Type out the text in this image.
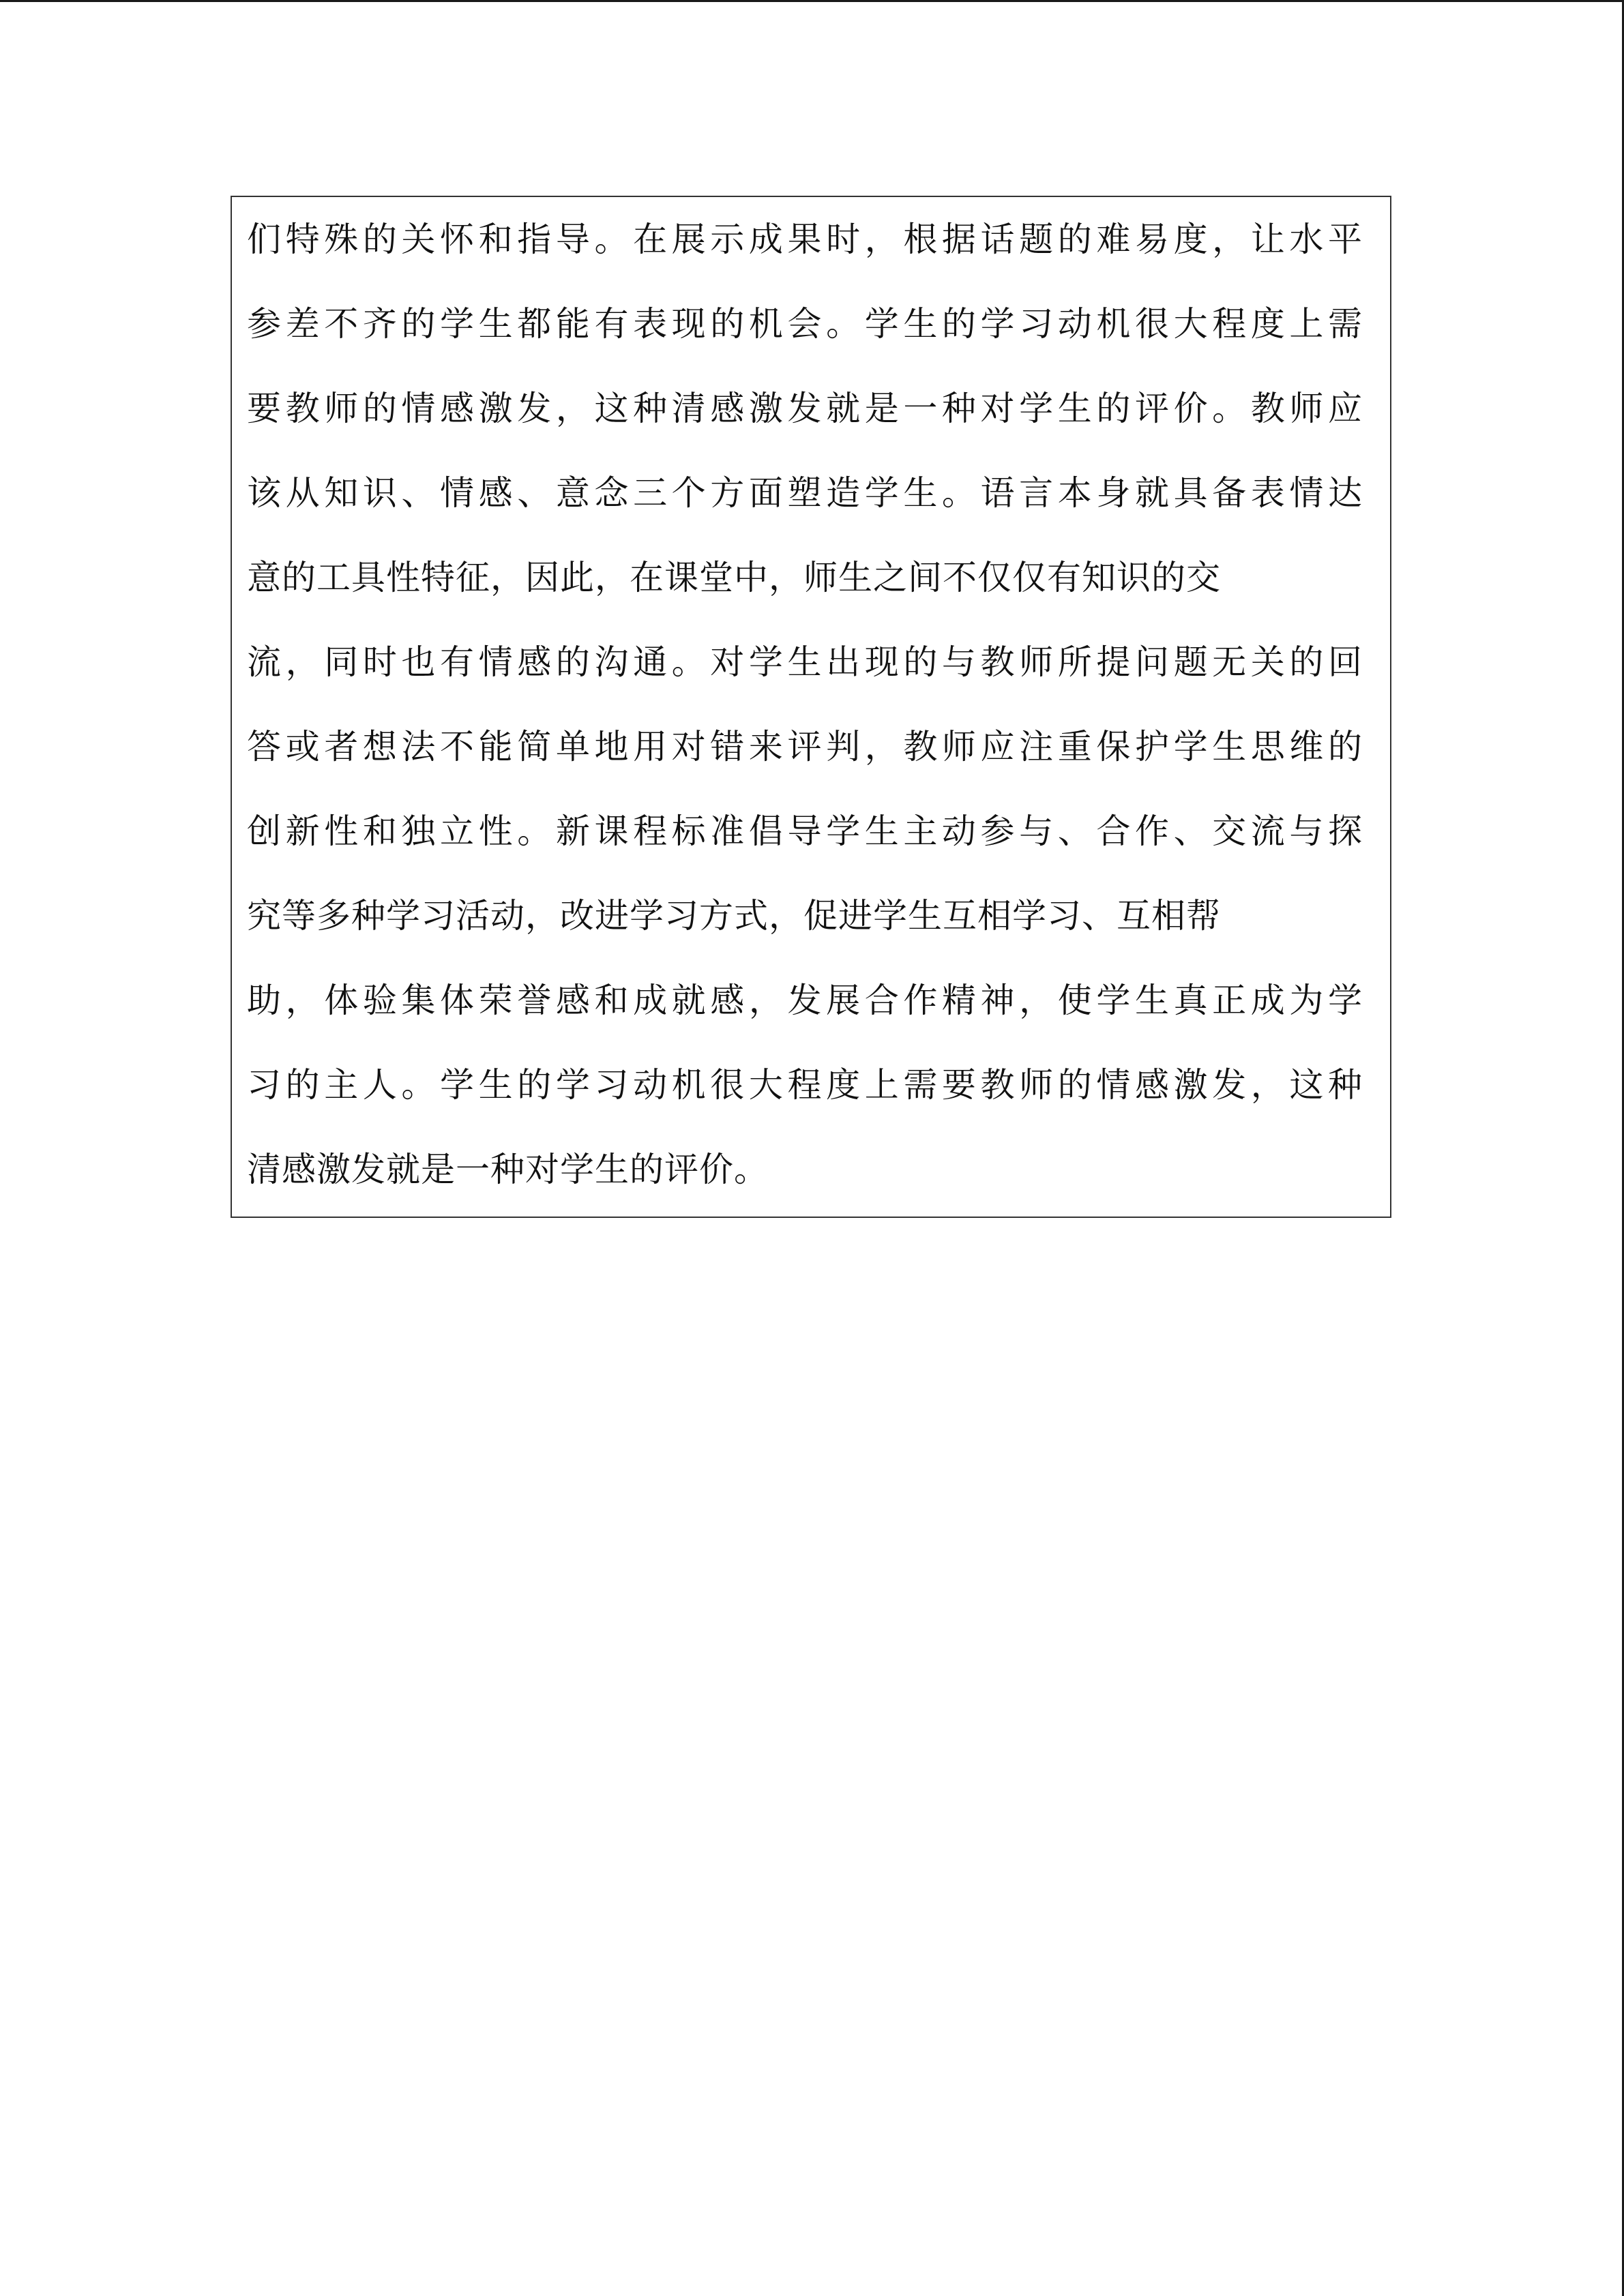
们特殊的关怀和指导。在展示成果时，根据话题的难易度，让水平
参差不齐的学生都能有表现的机会。学生的学习动机很大程度上需
要教师的情感激发，这种清感激发就是一种对学生的评价。教师应
该从知识、情感、意念三个方面塑造学生。语言本身就具备表情达
意的工具性特征，因此，在课堂中，师生之间不仅仅有知识的交
流，同时也有情感的沟通。对学生出现的与教师所提问题无关的回
答或者想法不能简单地用对错来评判，教师应注重保护学生思维的
创新性和独立性。新课程标准倡导学生主动参与、合作、交流与探
究等多种学习活动，改进学习方式，促进学生互相学习、互相帮
助，体验集体荣誉感和成就感，发展合作精神，使学生真正成为学
习的主人。学生的学习动机很大程度上需要教师的情感激发，这种
清感激发就是一种对学生的评价。
